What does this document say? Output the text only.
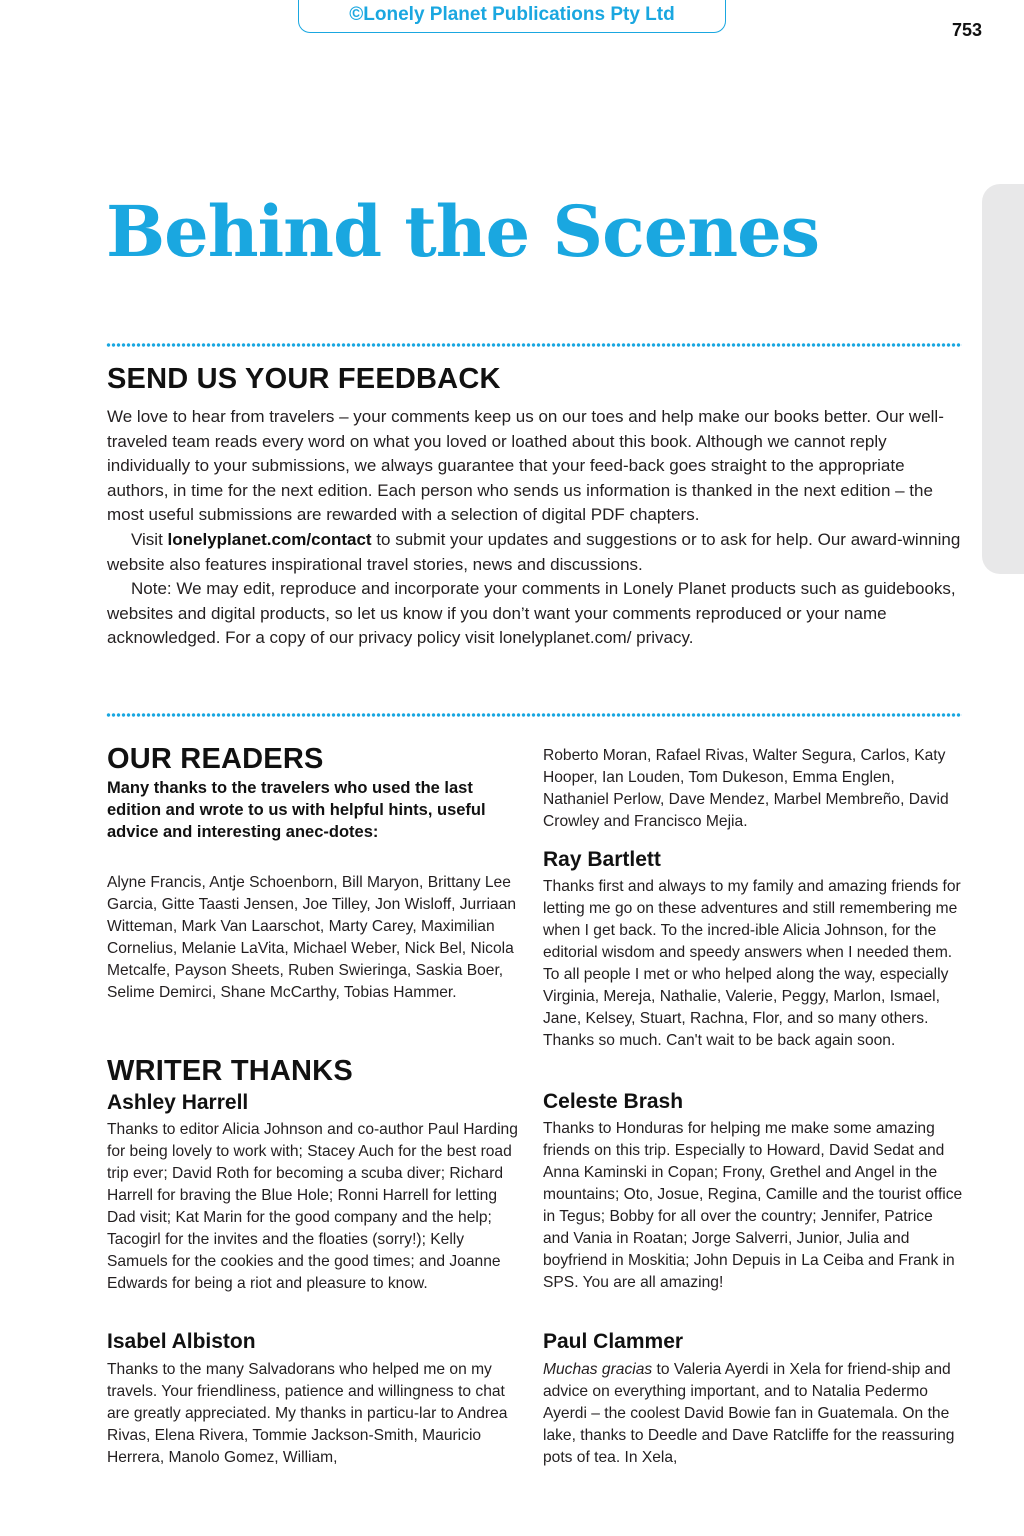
©Lonely Planet Publications Pty Ltd
753
Behind the Scenes
SEND US YOUR FEEDBACK
We love to hear from travelers – your comments keep us on our toes and help make our books better. Our well-traveled team reads every word on what you loved or loathed about this book. Although we cannot reply individually to your submissions, we always guarantee that your feed-back goes straight to the appropriate authors, in time for the next edition. Each person who sends us information is thanked in the next edition – the most useful submissions are rewarded with a selection of digital PDF chapters.
Visit lonelyplanet.com/contact to submit your updates and suggestions or to ask for help. Our award-winning website also features inspirational travel stories, news and discussions.
Note: We may edit, reproduce and incorporate your comments in Lonely Planet products such as guidebooks, websites and digital products, so let us know if you don’t want your comments reproduced or your name acknowledged. For a copy of our privacy policy visit lonelyplanet.com/ privacy.
OUR READERS

Many thanks to the travelers who used the last edition and wrote to us with helpful hints, useful advice and interesting anec-dotes:

Alyne Francis, Antje Schoenborn, Bill Maryon, Brittany Lee Garcia, Gitte Taasti Jensen, Joe Tilley, Jon Wisloff, Jurriaan Witteman, Mark Van Laarschot, Marty Carey, Maximilian Cornelius, Melanie LaVita, Michael Weber, Nick Bel, Nicola Metcalfe, Payson Sheets, Ruben Swieringa, Saskia Boer, Selime Demirci, Shane McCarthy, Tobias Hammer.

WRITER THANKS
Ashley Harrell

Thanks to editor Alicia Johnson and co-author Paul Harding for being lovely to work with; Stacey Auch for the best road trip ever; David Roth for becoming a scuba diver; Richard Harrell for braving the Blue Hole; Ronni Harrell for letting Dad visit; Kat Marin for the good company and the help; Tacogirl for the invites and the floaties (sorry!); Kelly Samuels for the cookies and the good times; and Joanne Edwards for being a riot and pleasure to know.

Isabel Albiston

Thanks to the many Salvadorans who helped me on my travels. Your friendliness, patience and willingness to chat are greatly appreciated. My thanks in particu-lar to Andrea Rivas, Elena Rivera, Tommie Jackson-Smith, Mauricio Herrera, Manolo Gomez, William,

Roberto Moran, Rafael Rivas, Walter Segura, Carlos, Katy Hooper, Ian Louden, Tom Dukeson, Emma Englen, Nathaniel Perlow, Dave Mendez, Marbel Membreño, David Crowley and Francisco Mejia.

Ray Bartlett

Thanks first and always to my family and amazing friends for letting me go on these adventures and still remembering me when I get back. To the incred-ible Alicia Johnson, for the editorial wisdom and speedy answers when I needed them. To all people I met or who helped along the way, especially Virginia, Mereja, Nathalie, Valerie, Peggy, Marlon, Ismael, Jane, Kelsey, Stuart, Rachna, Flor, and so many others. Thanks so much. Can't wait to be back again soon.

Celeste Brash

Thanks to Honduras for helping me make some amazing friends on this trip. Especially to Howard, David Sedat and Anna Kaminski in Copan; Frony, Grethel and Angel in the mountains; Oto, Josue, Regina, Camille and the tourist office in Tegus; Bobby for all over the country; Jennifer, Patrice and Vania in Roatan; Jorge Salverri, Junior, Julia and boyfriend in Moskitia; John Depuis in La Ceiba and Frank in SPS. You are all amazing!

Paul Clammer

Muchas gracias to Valeria Ayerdi in Xela for friend-ship and advice on everything important, and to Natalia Pedermo Ayerdi – the coolest David Bowie fan in Guatemala. On the lake, thanks to Deedle and Dave Ratcliffe for the reassuring pots of tea. In Xela,
